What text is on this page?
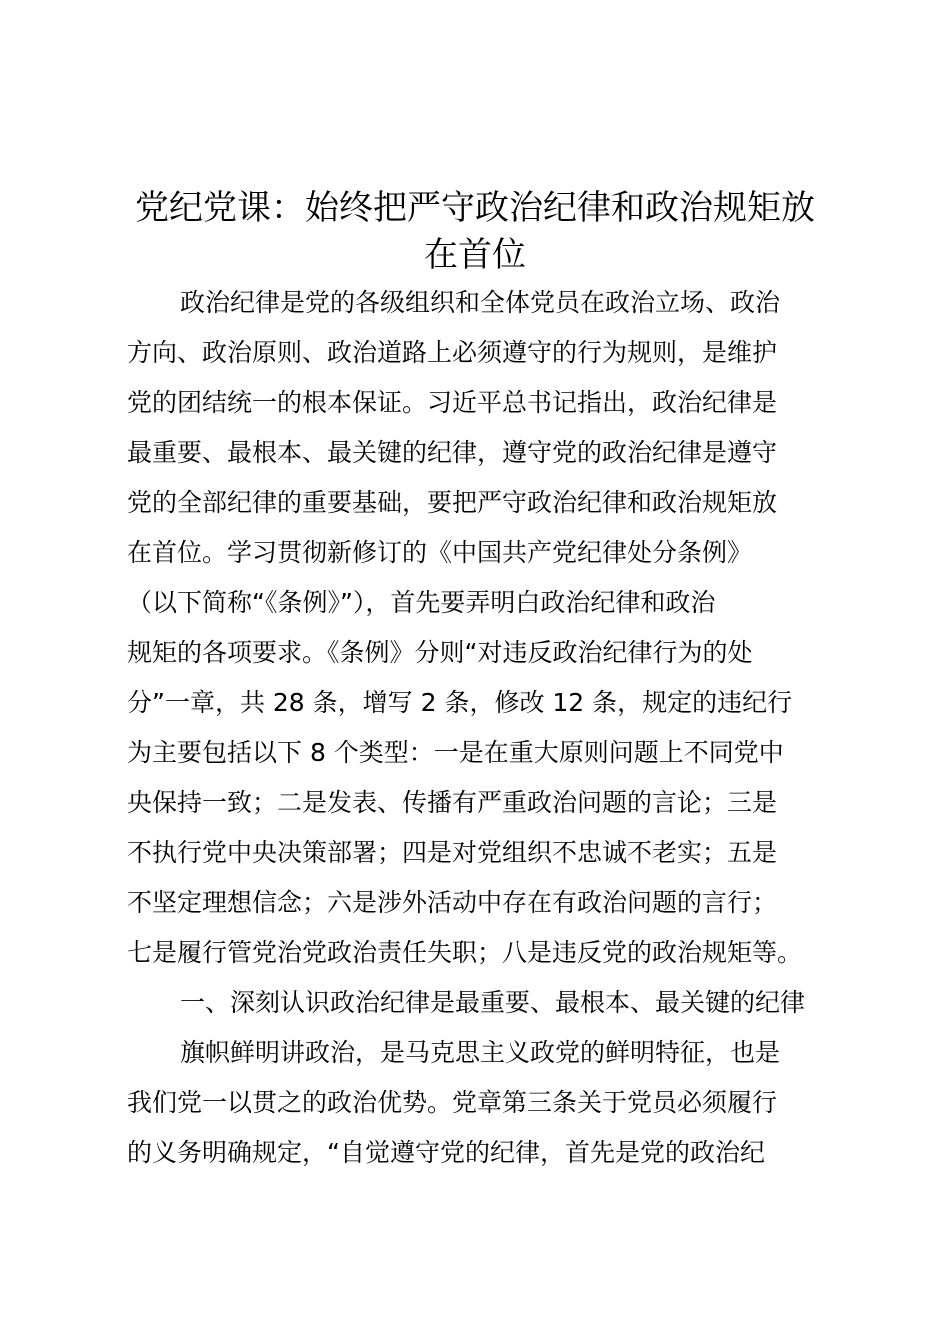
党纪党课：始终把严守政治纪律和政治规矩放
在首位
政治纪律是党的各级组织和全体党员在政治立场、政治
方向、政治原则、政治道路上必须遵守的行为规则，是维护
党的团结统一的根本保证。习近平总书记指出，政治纪律是
最重要、最根本、最关键的纪律，遵守党的政治纪律是遵守
党的全部纪律的重要基础，要把严守政治纪律和政治规矩放
在首位。学习贯彻新修订的《中国共产党纪律处分条例》
（以下简称“《条例》”），首先要弄明白政治纪律和政治
规矩的各项要求。《条例》分则“对违反政治纪律行为的处
分”一章，共 28 条，增写 2 条，修改 12 条，规定的违纪行
为主要包括以下 8 个类型：一是在重大原则问题上不同党中
央保持一致；二是发表、传播有严重政治问题的言论；三是
不执行党中央决策部署；四是对党组织不忠诚不老实；五是
不坚定理想信念；六是涉外活动中存在有政治问题的言行；
七是履行管党治党政治责任失职；八是违反党的政治规矩等。
一、深刻认识政治纪律是最重要、最根本、最关键的纪律
旗帜鲜明讲政治，是马克思主义政党的鲜明特征，也是
我们党一以贯之的政治优势。党章第三条关于党员必须履行
的义务明确规定，“自觉遵守党的纪律，首先是党的政治纪
